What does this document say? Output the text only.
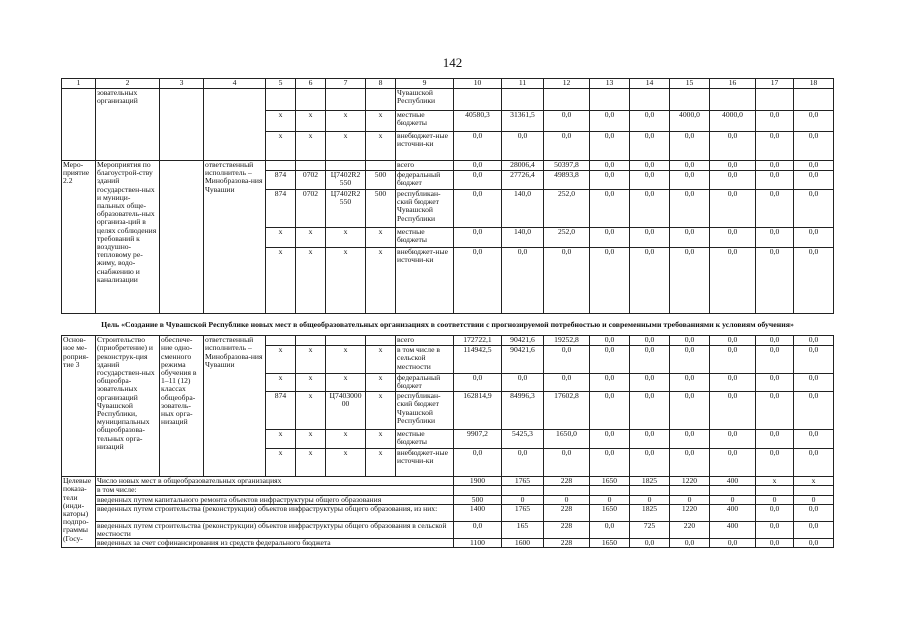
142
1	2	3	4	5	6	7	8	9	10	11	12	13	14	15	16	17	18
	зовательных организаций							Чувашской Республики									
				x	x	x	x	местные бюджеты	40580,3	31361,5	0,0	0,0	0,0	4000,0	4000,0	0,0	0,0
				x	x	x	x	внебюджет-ные источни-ки	0,0	0,0	0,0	0,0	0,0	0,0	0,0	0,0	0,0
Меро-приятие 2.2	Мероприятия по благоустрой-ству зданий государствен-ных и муници-пальных обще-образователь-ных организа-ций в целях соблюдения требований к воздушно-тепловому ре-жиму, водо-снабжению и канализации		ответственный исполнитель – Минобразова-ния Чувашии					всего	0,0	28006,4	50397,8	0,0	0,0	0,0	0,0	0,0	0,0
				874	0702	Ц7402R2 550	500	федеральный бюджет	0,0	27726,4	49893,8	0,0	0,0	0,0	0,0	0,0	0,0
				874	0702	Ц7402R2 550	500	республикан-ский бюджет Чувашской Республики	0,0	140,0	252,0	0,0	0,0	0,0	0,0	0,0	0,0
				x	x	x	x	местные бюджеты	0,0	140,0	252,0	0,0	0,0	0,0	0,0	0,0	0,0
				x	x	x	x	внебюджет-ные источни-ки	0,0	0,0	0,0	0,0	0,0	0,0	0,0	0,0	0,0
Цель «Создание в Чувашской Республике новых мест в общеобразовательных организациях в соответствии с прогнозируемой потребностью и современными требованиями к условиям обучения»																	
Основ-ное ме-роприя-тие 3	Строительство (приобретение) и реконструк-ция зданий государствен-ных общеобра-зовательных организаций Чувашской Республики, муниципальных общеобразова-тельных орга-низаций	обеспече-ние одно-сменного режима обучения в 1–11 (12) классах общеобра-зователь-ных орга-низаций	ответственный исполнитель – Минобразова-ния Чувашии					всего	172722,1	90421,6	19252,8	0,0	0,0	0,0	0,0	0,0	0,0
				x	x	x	x	в том числе в сельской местности	114942,5	90421,6	0,0	0,0	0,0	0,0	0,0	0,0	0,0
				x	x	x	x	федеральный бюджет	0,0	0,0	0,0	0,0	0,0	0,0	0,0	0,0	0,0
				874	x	Ц7403000 00	x	республикан-ский бюджет Чувашской Республики	162814,9	84996,3	17602,8	0,0	0,0	0,0	0,0	0,0	0,0
				x	x	x	x	местные бюджеты	9907,2	5425,3	1650,0	0,0	0,0	0,0	0,0	0,0	0,0
				x	x	x	x	внебюджет-ные источни-ки	0,0	0,0	0,0	0,0	0,0	0,0	0,0	0,0	0,0
Целевые показа-тели (инди-каторы) подпро-граммы (Госу-	Число новых мест в общеобразовательных организациях								1900	1765	228	1650	1825	1220	400	x	x
	в том числе:																
	введенных путем капитального ремонта объектов инфраструктуры общего образования								500	0	0	0	0	0	0	0	0
	введенных путем строительства (реконструкции) объектов инфраструктуры общего образования, из них:								1400	1765	228	1650	1825	1220	400	0,0	0,0
	введенных путем строительства (реконструкции) объектов инфраструктуры общего образования в сельской местности								0,0	165	228	0,0	725	220	400	0,0	0,0
	введенных за счет софинансирования из средств федерального бюджета								1100	1600	228	1650	0,0	0,0	0,0	0,0	0,0
